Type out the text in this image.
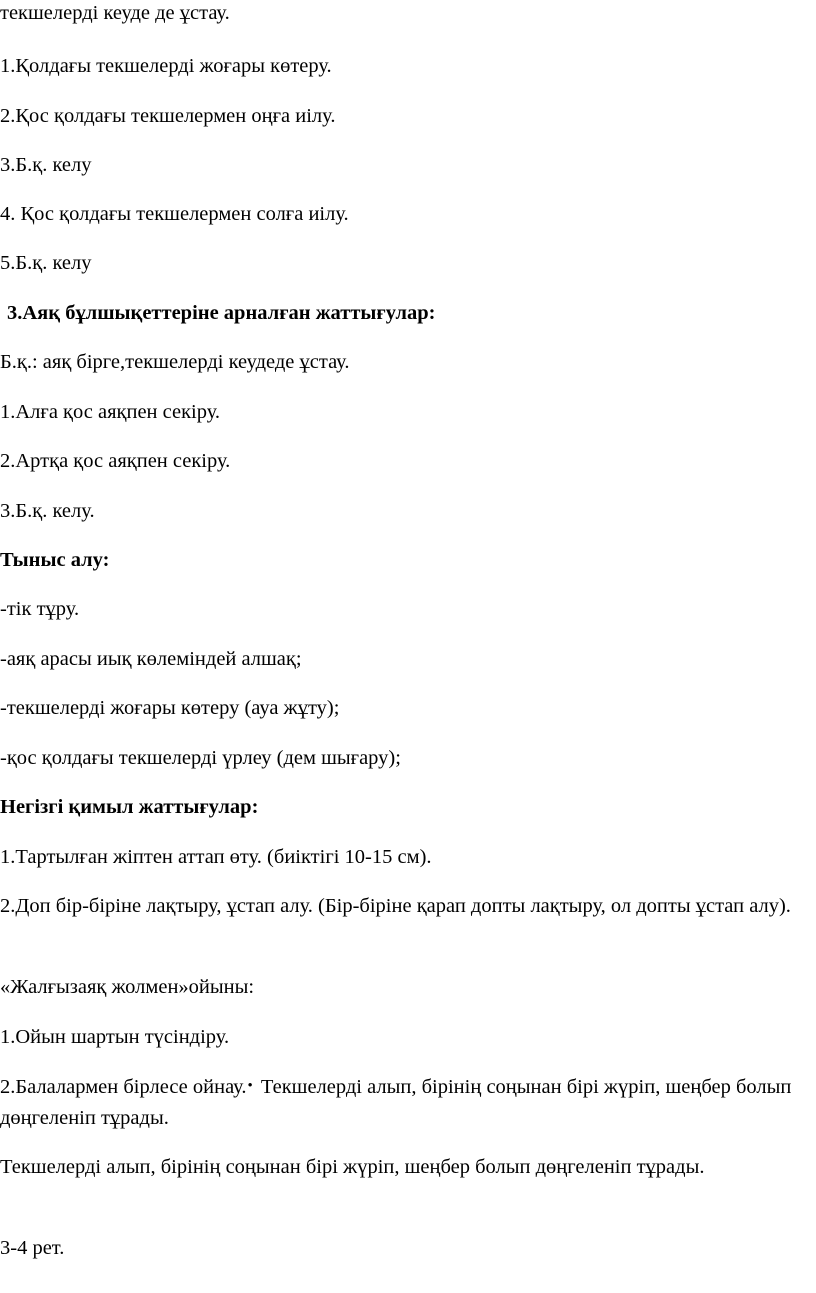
текшелерді кеуде де ұстау.
1.Қолдағы текшелерді жоғары көтеру.
2.Қос қолдағы текшелермен оңға иілу.
3.Б.қ. келу
4. Қос қолдағы текшелермен солға иілу.
5.Б.қ. келу
3.Аяқ бұлшықеттеріне арналған жаттығулар:
Б.қ.: аяқ бірге,текшелерді кеудеде ұстау.
1.Алға қос аяқпен секіру.
2.Артқа қос аяқпен секіру.
3.Б.қ. келу.
Тыныс алу:
-тік тұру.
-аяқ арасы иық көлеміндей алшақ;
-текшелерді жоғары көтеру (ауа жұту);
-қос қолдағы текшелерді үрлеу (дем шығару);
Негізгі қимыл жаттығулар:
1.Тартылған жіптен аттап өту. (биіктігі 10-15 см).
2.Доп бір-біріне лақтыру, ұстап алу. (Бір-біріне қарап допты лақтыру, ол допты ұстап алу).
«Жалғызаяқ жолмен»ойыны:
1.Ойын шартын түсіндіру.
2.Балалармен бірлесе ойнау.• Текшелерді алып, бірінің соңынан бірі жүріп, шеңбер болып дөңгеленіп тұрады.
Текшелерді алып, бірінің соңынан бірі жүріп, шеңбер болып дөңгеленіп тұрады.
3-4 рет.
